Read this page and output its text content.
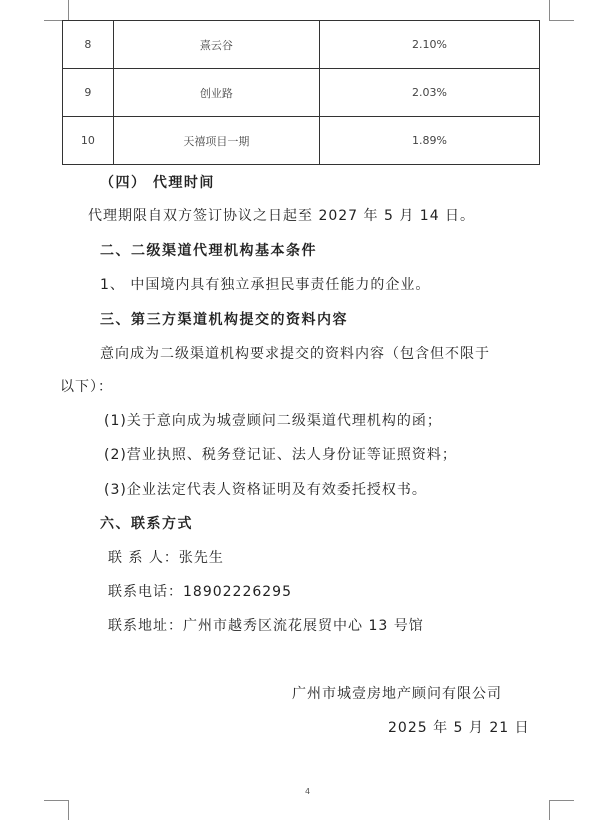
8	熹云谷	2.10%
9	创业路	2.03%
10	天禧项目一期	1.89%
（四） 代理时间
代理期限自双方签订协议之日起至 2027 年 5 月 14 日。
二、二级渠道代理机构基本条件
1、 中国境内具有独立承担民事责任能力的企业。
三、第三方渠道机构提交的资料内容
意向成为二级渠道机构要求提交的资料内容（包含但不限于
以下）：
(1)关于意向成为城壹顾问二级渠道代理机构的函；
(2)营业执照、税务登记证、法人身份证等证照资料；
(3)企业法定代表人资格证明及有效委托授权书。
六、联系方式
联 系 人：张先生
联系电话：18902226295
联系地址：广州市越秀区流花展贸中心 13 号馆
广州市城壹房地产顾问有限公司
2025 年 5 月 21 日
4
